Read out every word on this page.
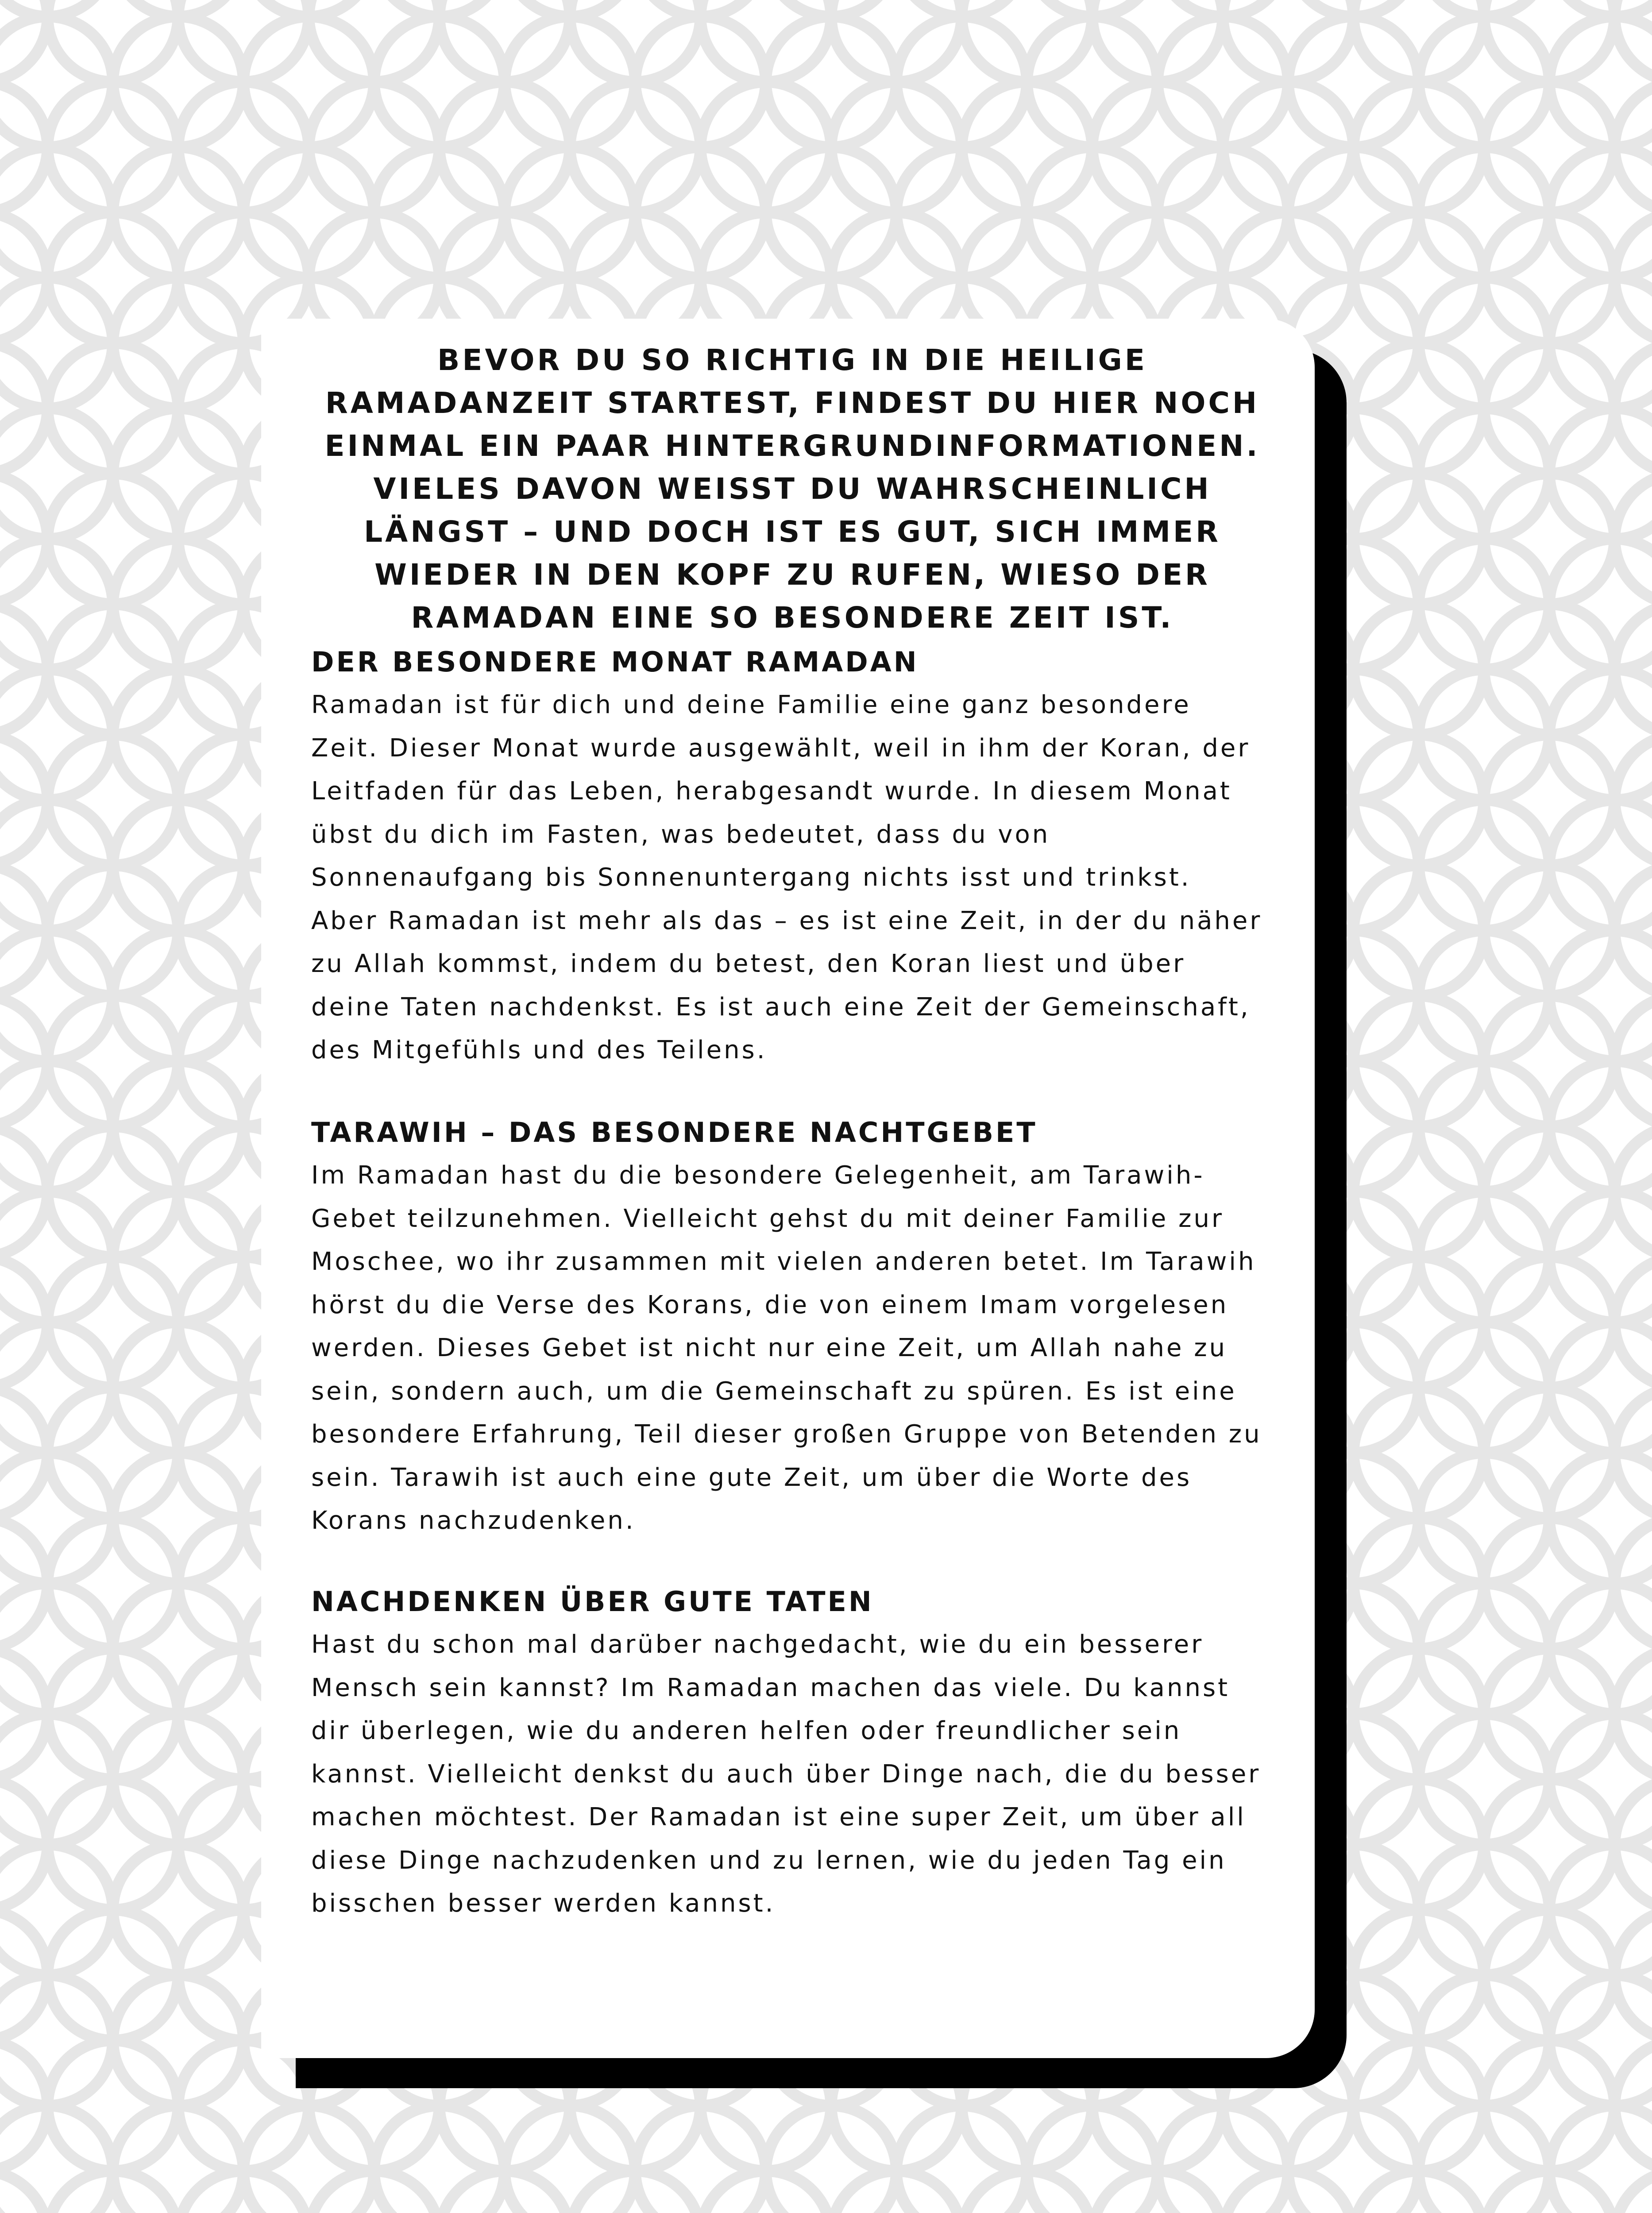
BEVOR DU SO RICHTIG IN DIE HEILIGE RAMADANZEIT STARTEST, FINDEST DU HIER NOCH EINMAL EIN PAAR HINTERGRUNDINFORMATIONEN. VIELES DAVON WEISST DU WAHRSCHEINLICH LÄNGST – UND DOCH IST ES GUT, SICH IMMER WIEDER IN DEN KOPF ZU RUFEN, WIESO DER RAMADAN EINE SO BESONDERE ZEIT IST.

DER BESONDERE MONAT RAMADAN

Ramadan ist für dich und deine Familie eine ganz besondere Zeit. Dieser Monat wurde ausgewählt, weil in ihm der Koran, der Leitfaden für das Leben, herabgesandt wurde. In diesem Monat übst du dich im Fasten, was bedeutet, dass du von Sonnenaufgang bis Sonnenuntergang nichts isst und trinkst. Aber Ramadan ist mehr als das – es ist eine Zeit, in der du näher zu Allah kommst, indem du betest, den Koran liest und über deine Taten nachdenkst. Es ist auch eine Zeit der Gemeinschaft, des Mitgefühls und des Teilens.

TARAWIH – DAS BESONDERE NACHTGEBET

Im Ramadan hast du die besondere Gelegenheit, am Tarawih-Gebet teilzunehmen. Vielleicht gehst du mit deiner Familie zur Moschee, wo ihr zusammen mit vielen anderen betet. Im Tarawih hörst du die Verse des Korans, die von einem Imam vorgelesen werden. Dieses Gebet ist nicht nur eine Zeit, um Allah nahe zu sein, sondern auch, um die Gemeinschaft zu spüren. Es ist eine besondere Erfahrung, Teil dieser großen Gruppe von Betenden zu sein. Tarawih ist auch eine gute Zeit, um über die Worte des Korans nachzudenken.

NACHDENKEN ÜBER GUTE TATEN

Hast du schon mal darüber nachgedacht, wie du ein besserer Mensch sein kannst? Im Ramadan machen das viele. Du kannst dir überlegen, wie du anderen helfen oder freundlicher sein kannst. Vielleicht denkst du auch über Dinge nach, die du besser machen möchtest. Der Ramadan ist eine super Zeit, um über all diese Dinge nachzudenken und zu lernen, wie du jeden Tag ein bisschen besser werden kannst.
